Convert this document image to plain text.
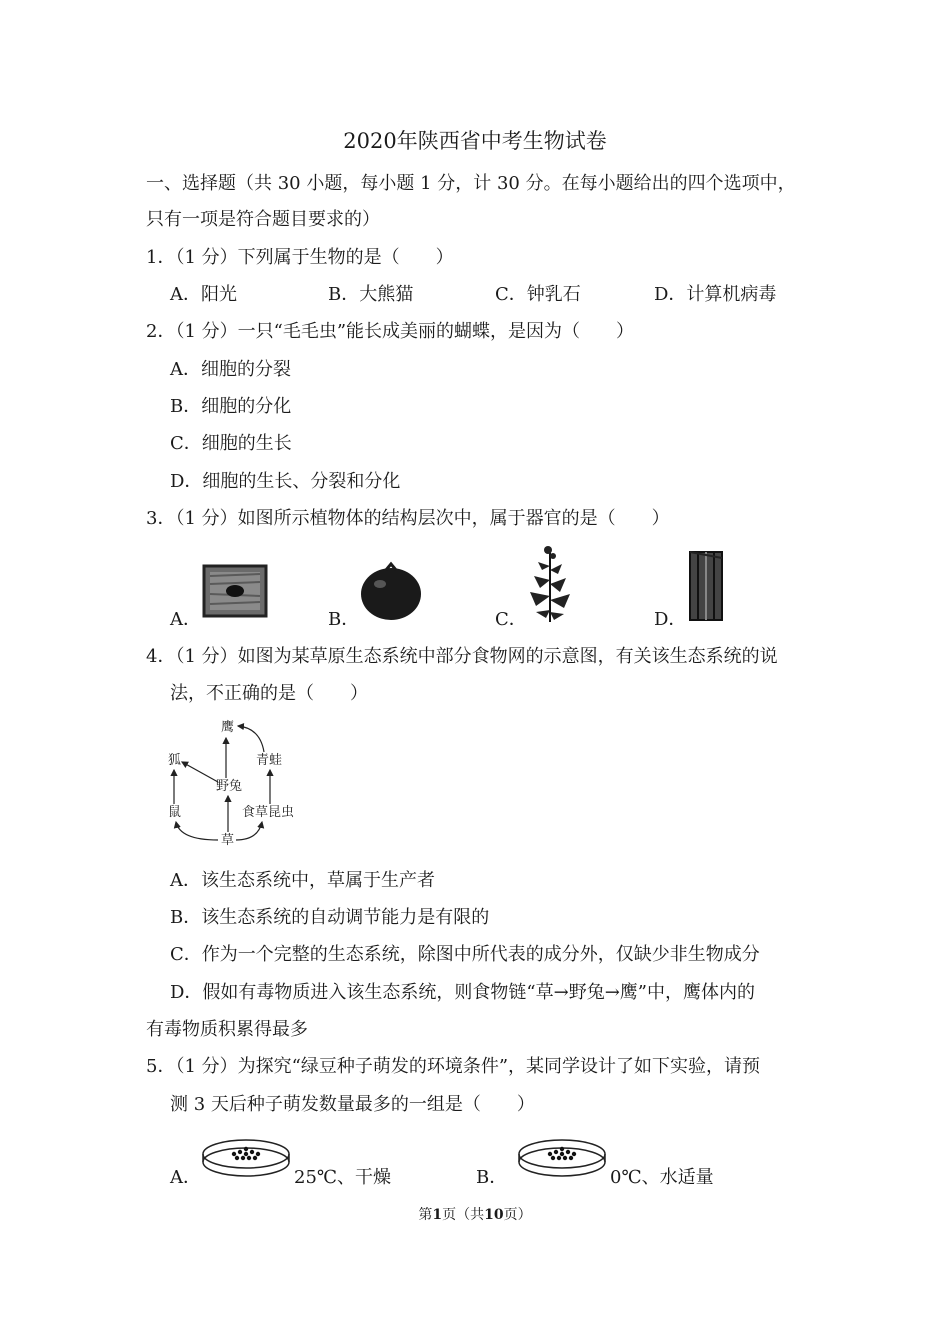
2020年陕西省中考生物试卷
一、选择题（共 30 小题，每小题 1 分，计 30 分。在每小题给出的四个选项中，
只有一项是符合题目要求的）
1．（1 分）下列属于生物的是（　　）
A．阳光	B．大熊猫	C．钟乳石	D．计算机病毒
2．（1 分）一只“毛毛虫”能长成美丽的蝴蝶，是因为（　　）
A．细胞的分裂
B．细胞的分化
C．细胞的生长
D．细胞的生长、分裂和分化
3．（1 分）如图所示植物体的结构层次中，属于器官的是（　　）
A．	B．	C．	D．
4．（1 分）如图为某草原生态系统中部分食物网的示意图，有关该生态系统的说
法，不正确的是（　　）
鹰
狐	青蛙
野兔
鼠	食草昆虫
草
A．该生态系统中，草属于生产者
B．该生态系统的自动调节能力是有限的
C．作为一个完整的生态系统，除图中所代表的成分外，仅缺少非生物成分
D．假如有毒物质进入该生态系统，则食物链“草→野兔→鹰”中，鹰体内的
有毒物质积累得最多
5．（1 分）为探究“绿豆种子萌发的环境条件”，某同学设计了如下实验，请预
测 3 天后种子萌发数量最多的一组是（　　）
A．	25℃、干燥	B．	0℃、水适量
第1页（共10页）
